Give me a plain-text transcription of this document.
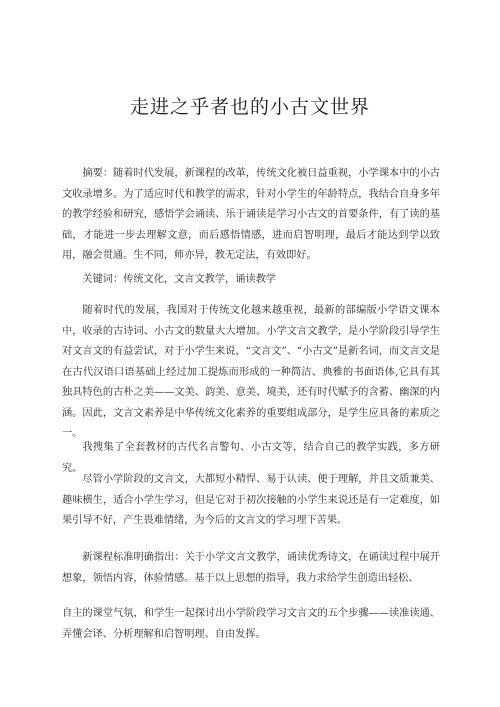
走进之乎者也的小古文世界

摘要：随着时代发展，新课程的改革，传统文化被日益重视，小学课本中的小古文收录增多。为了适应时代和教学的需求，针对小学生的年龄特点，我结合自身多年的教学经验和研究，感悟学会诵读、乐于诵读是学习小古文的首要条件，有了读的基础，才能进一步去理解文意，而后感悟情感，进而启智明理，最后才能达到学以致用，融会贯通。生不同，师亦异，教无定法，有效即好。

关键词：传统文化，文言文教学，诵读教学

随着时代的发展，我国对于传统文化越来越重视，最新的部编版小学语文课本中，收录的古诗词、小古文的数量大大增加。小学文言文教学，是小学阶段引导学生对文言文的有益尝试，对于小学生来说，“文言文”、“小古文”是新名词，而文言文是在古代汉语口语基础上经过加工提炼而形成的一种简洁、典雅的书面语体,它具有其独具特色的古朴之美——文美、韵美、意美、境美，还有时代赋予的含蓄、幽深的内涵。因此，文言文素养是中华传统文化素养的重要组成部分，是学生应具备的素质之一。

我搜集了全套教材的古代名言警句、小古文等，结合自己的教学实践，多方研究。

尽管小学阶段的文言文，大都短小精悍、易于认读、便于理解，并且文质兼美、趣味横生，适合小学生学习，但是它对于初次接触的小学生来说还是有一定难度，如果引导不好，产生畏难情绪，为今后的文言文的学习埋下苦果。

新课程标准明确指出：关于小学文言文教学，诵读优秀诗文，在诵读过程中展开想象，领悟内容，体验情感。基于以上思想的指导，我力求给学生创造出轻松、

自主的课堂气氛，和学生一起探讨出小学阶段学习文言文的五个步骤——读准读通、弄懂会译、分析理解和启智明理、自由发挥。
